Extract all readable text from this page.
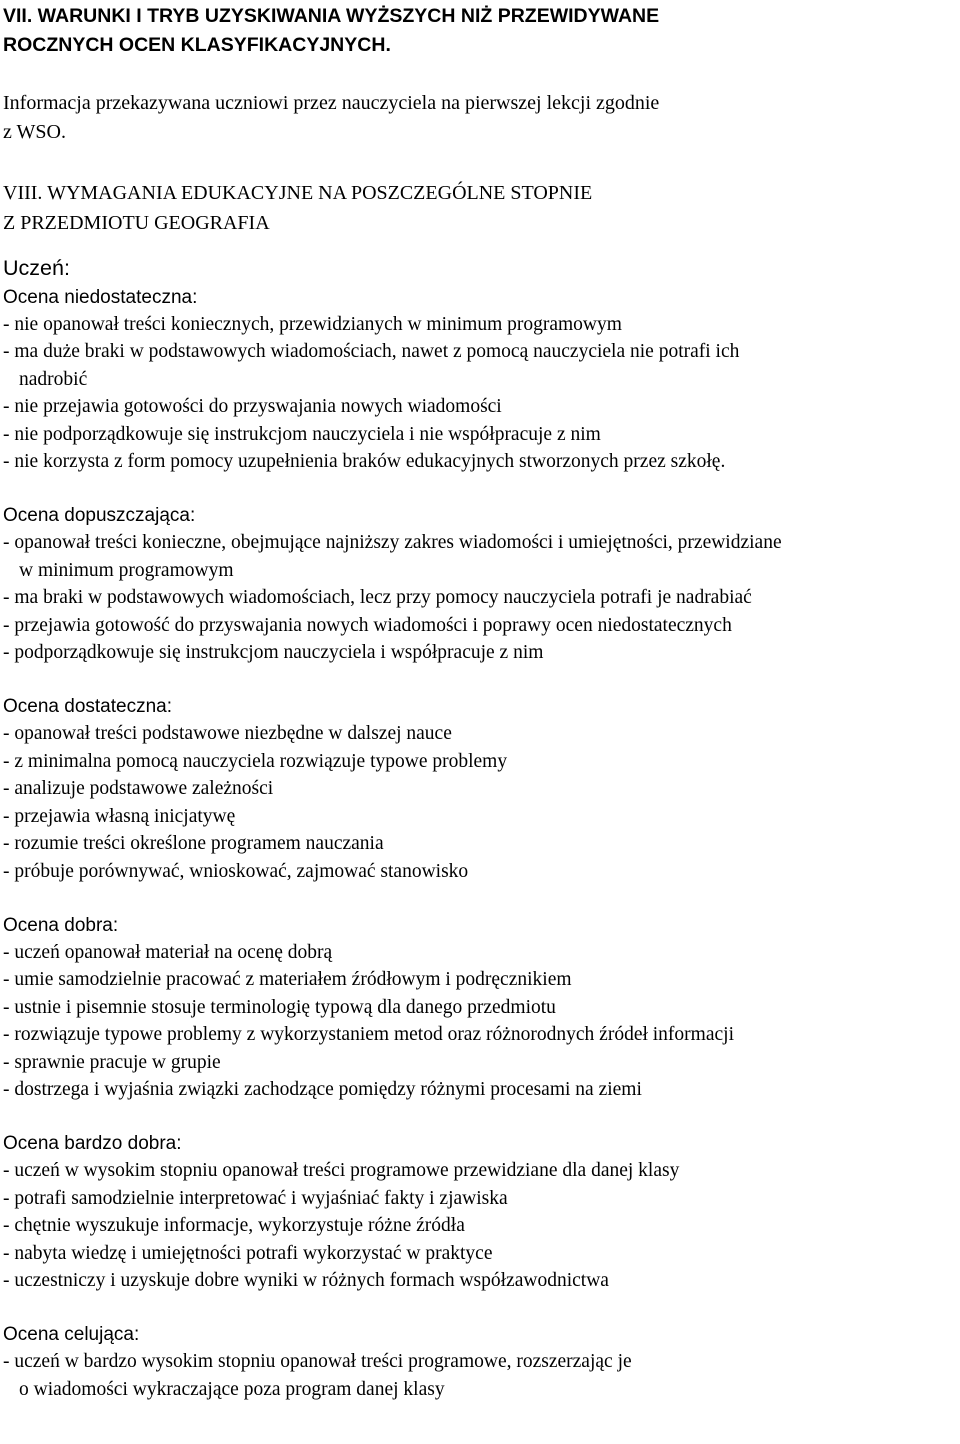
VII. WARUNKI I TRYB UZYSKIWANIA WYŻSZYCH NIŻ PRZEWIDYWANE
ROCZNYCH OCEN KLASYFIKACYJNYCH.
Informacja przekazywana uczniowi przez nauczyciela na pierwszej lekcji zgodnie
z WSO.
VIII. WYMAGANIA EDUKACYJNE NA POSZCZEGÓLNE STOPNIE
Z PRZEDMIOTU GEOGRAFIA
Uczeń:
Ocena niedostateczna:
- nie opanował treści koniecznych, przewidzianych w minimum programowym
- ma duże braki w podstawowych wiadomościach, nawet z pomocą nauczyciela nie potrafi ich
nadrobić
- nie przejawia gotowości do przyswajania nowych wiadomości
- nie podporządkowuje się instrukcjom nauczyciela i nie współpracuje z nim
- nie korzysta z form pomocy uzupełnienia braków edukacyjnych stworzonych przez szkołę.
Ocena dopuszczająca:
- opanował treści konieczne, obejmujące najniższy zakres wiadomości i umiejętności, przewidziane
w minimum programowym
- ma braki w podstawowych wiadomościach, lecz przy pomocy nauczyciela potrafi je nadrabiać
- przejawia gotowość do przyswajania nowych wiadomości i poprawy ocen niedostatecznych
- podporządkowuje się instrukcjom nauczyciela i współpracuje z nim
Ocena dostateczna:
- opanował treści podstawowe niezbędne w dalszej nauce
- z minimalna pomocą nauczyciela rozwiązuje typowe problemy
- analizuje podstawowe zależności
- przejawia własną inicjatywę
- rozumie treści określone programem nauczania
- próbuje porównywać, wnioskować, zajmować stanowisko
Ocena dobra:
- uczeń opanował materiał na ocenę dobrą
- umie samodzielnie pracować z materiałem źródłowym i podręcznikiem
- ustnie i pisemnie stosuje terminologię typową dla danego przedmiotu
- rozwiązuje typowe problemy z wykorzystaniem metod oraz różnorodnych źródeł informacji
- sprawnie pracuje w grupie
- dostrzega i wyjaśnia związki zachodzące pomiędzy różnymi procesami na ziemi
Ocena bardzo dobra:
- uczeń w wysokim stopniu opanował treści programowe przewidziane dla danej klasy
- potrafi samodzielnie interpretować i wyjaśniać fakty i zjawiska
- chętnie wyszukuje informacje, wykorzystuje różne źródła
- nabyta wiedzę i umiejętności potrafi wykorzystać w praktyce
- uczestniczy i uzyskuje dobre wyniki w różnych formach współzawodnictwa
Ocena celująca:
- uczeń w bardzo wysokim stopniu opanował treści programowe, rozszerzając je
o wiadomości wykraczające poza program danej klasy
